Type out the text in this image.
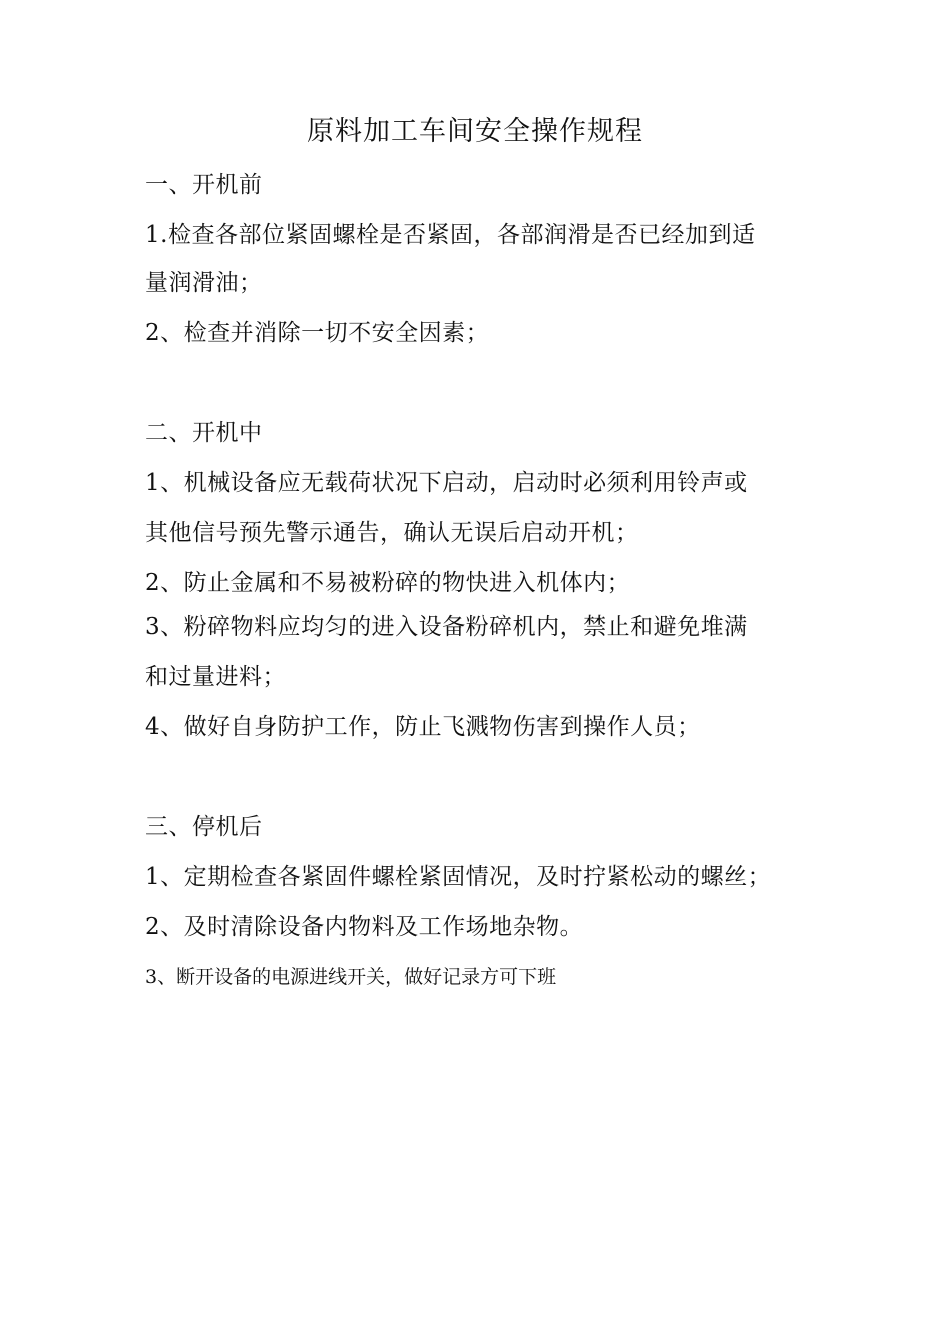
原料加工车间安全操作规程
一、开机前
1.检查各部位紧固螺栓是否紧固，各部润滑是否已经加到适
量润滑油；
2、检查并消除一切不安全因素；
二、开机中
1、机械设备应无载荷状况下启动，启动时必须利用铃声或
其他信号预先警示通告，确认无误后启动开机；
2、防止金属和不易被粉碎的物快进入机体内；
3、粉碎物料应均匀的进入设备粉碎机内，禁止和避免堆满
和过量进料；
4、做好自身防护工作，防止飞溅物伤害到操作人员；
三、停机后
1、定期检查各紧固件螺栓紧固情况，及时拧紧松动的螺丝；
2、及时清除设备内物料及工作场地杂物。
3、断开设备的电源进线开关，做好记录方可下班
